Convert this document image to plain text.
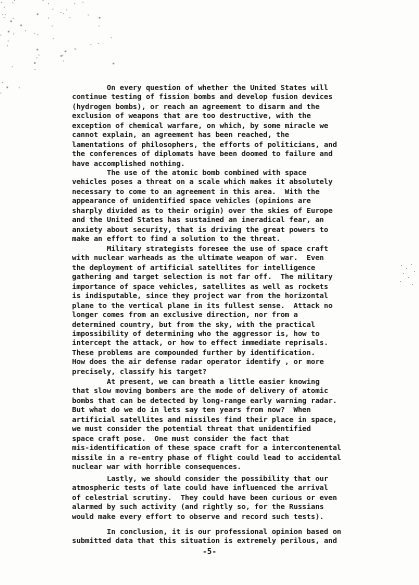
On every question of whether the United States will
continue testing of fission bombs and develop fusion devices
(hydrogen bombs), or reach an agreement to disarm and the
exclusion of weapons that are too destructive, with the
exception of chemical warfare, on which, by some miracle we
cannot explain, an agreement has been reached, the
lamentations of philosophers, the efforts of politicians, and
the conferences of diplomats have been doomed to failure and
have accomplished nothing.
The use of the atomic bomb combined with space
vehicles poses a threat on a scale which makes it absolutely
necessary to come to an agreement in this area.  With the
appearance of unidentified space vehicles (opinions are
sharply divided as to their origin) over the skies of Europe
and the United States has sustained an ineradical fear, an
anxiety about security, that is driving the great powers to
make an effort to find a solution to the threat.
Military strategists foresee the use of space craft
with nuclear warheads as the ultimate weapon of war.  Even
the deployment of artificial satellites for intelligence
gathering and target selection is not far off.  The military
importance of space vehicles, satellites as well as rockets
is indisputable, since they project war from the horizontal
plane to the vertical plane in its fullest sense.  Attack no
longer comes from an exclusive direction, nor from a
determined country, but from the sky, with the practical
impossibility of determining who the aggressor is, how to
intercept the attack, or how to effect immediate reprisals.
These problems are compounded further by identification.
How does the air defense radar operator identify , or more
precisely, classify his target?
At present, we can breath a little easier knowing
that slow moving bombers are the mode of delivery of atomic
bombs that can be detected by long-range early warning radar.
But what do we do in lets say ten years from now?  When
artificial satellites and missiles find their place in space,
we must consider the potential threat that unidentified
space craft pose.  One must consider the fact that
mis-identification of these space craft for a intercontenental
missile in a re-entry phase of flight could lead to accidental
nuclear war with horrible consequences.
Lastly, we should consider the possibility that our
atmospheric tests of late could have influenced the arrival
of celestrial scrutiny.  They could have been curious or even
alarmed by such activity (and rightly so, for the Russians
would make every effort to observe and record such tests).
In conclusion, it is our professional opinion based on
submitted data that this situation is extremely perilous, and
-5-
